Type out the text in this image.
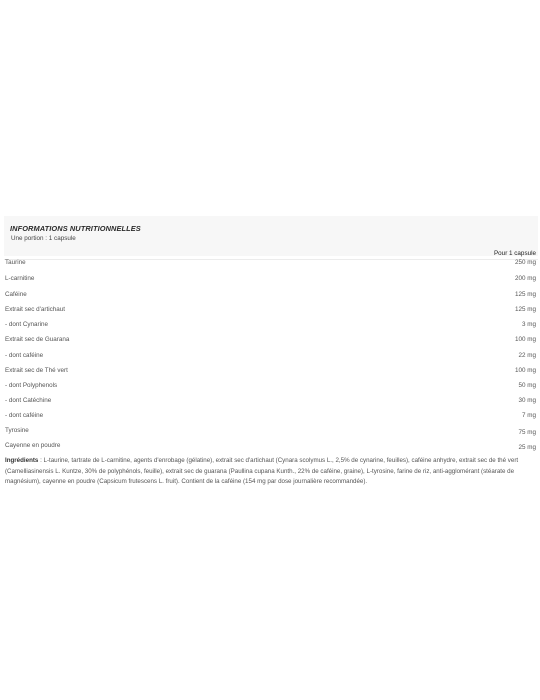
INFORMATIONS NUTRITIONNELLES
Une portion : 1 capsule
Pour 1 capsule
Taurine	250 mg
L-carnitine	200 mg
Caféine	125 mg
Extrait sec d'artichaut	125 mg
- dont Cynarine	3 mg
Extrait sec de Guarana	100 mg
- dont caféine	22 mg
Extrait sec de Thé vert	100 mg
- dont Polyphenols	50 mg
- dont Catéchine	30 mg
- dont caféine	7 mg
Tyrosine	75 mg
Cayenne en poudre	25 mg
Ingrédients : L-taurine, tartrate de L-carnitine, agents d'enrobage (gélatine), extrait sec d'artichaut (Cynara scolymus L., 2,5% de cynarine, feuilles), caféine anhydre, extrait sec de thé vert (Camelliasinensis L. Kuntze, 30% de polyphénols, feuille), extrait sec de guarana (Paullina cupana Kunth., 22% de caféine, graine), L-tyrosine, farine de riz, anti-agglomérant (stéarate de magnésium), cayenne en poudre (Capsicum frutescens L. fruit). Contient de la caféine (154 mg par dose journalière recommandée).
